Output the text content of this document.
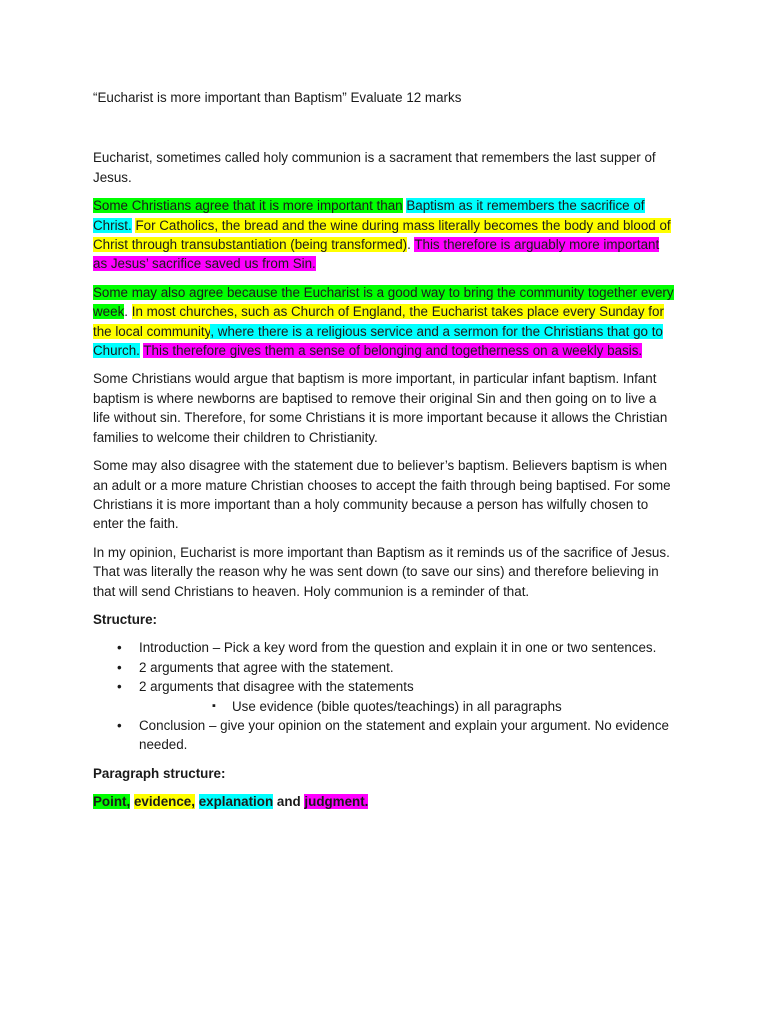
“Eucharist is more important than Baptism” Evaluate 12 marks

Eucharist, sometimes called holy communion is a sacrament that remembers the last supper of Jesus.

Some Christians agree that it is more important than Baptism as it remembers the sacrifice of Christ. For Catholics, the bread and the wine during mass literally becomes the body and blood of Christ through transubstantiation (being transformed). This therefore is arguably more important as Jesus’ sacrifice saved us from Sin.

Some may also agree because the Eucharist is a good way to bring the community together every week. In most churches, such as Church of England, the Eucharist takes place every Sunday for the local community, where there is a religious service and a sermon for the Christians that go to Church. This therefore gives them a sense of belonging and togetherness on a weekly basis.

Some Christians would argue that baptism is more important, in particular infant baptism. Infant baptism is where newborns are baptised to remove their original Sin and then going on to live a life without sin. Therefore, for some Christians it is more important because it allows the Christian families to welcome their children to Christianity.

Some may also disagree with the statement due to believer’s baptism. Believers baptism is when an adult or a more mature Christian chooses to accept the faith through being baptised. For some Christians it is more important than a holy community because a person has wilfully chosen to enter the faith.

In my opinion, Eucharist is more important than Baptism as it reminds us of the sacrifice of Jesus. That was literally the reason why he was sent down (to save our sins) and therefore believing in that will send Christians to heaven. Holy communion is a reminder of that.

Structure:

• Introduction – Pick a key word from the question and explain it in one or two sentences.
• 2 arguments that agree with the statement.
• 2 arguments that disagree with the statements
▪ Use evidence (bible quotes/teachings) in all paragraphs
• Conclusion – give your opinion on the statement and explain your argument. No evidence needed.

Paragraph structure:

Point, evidence, explanation and judgment.
